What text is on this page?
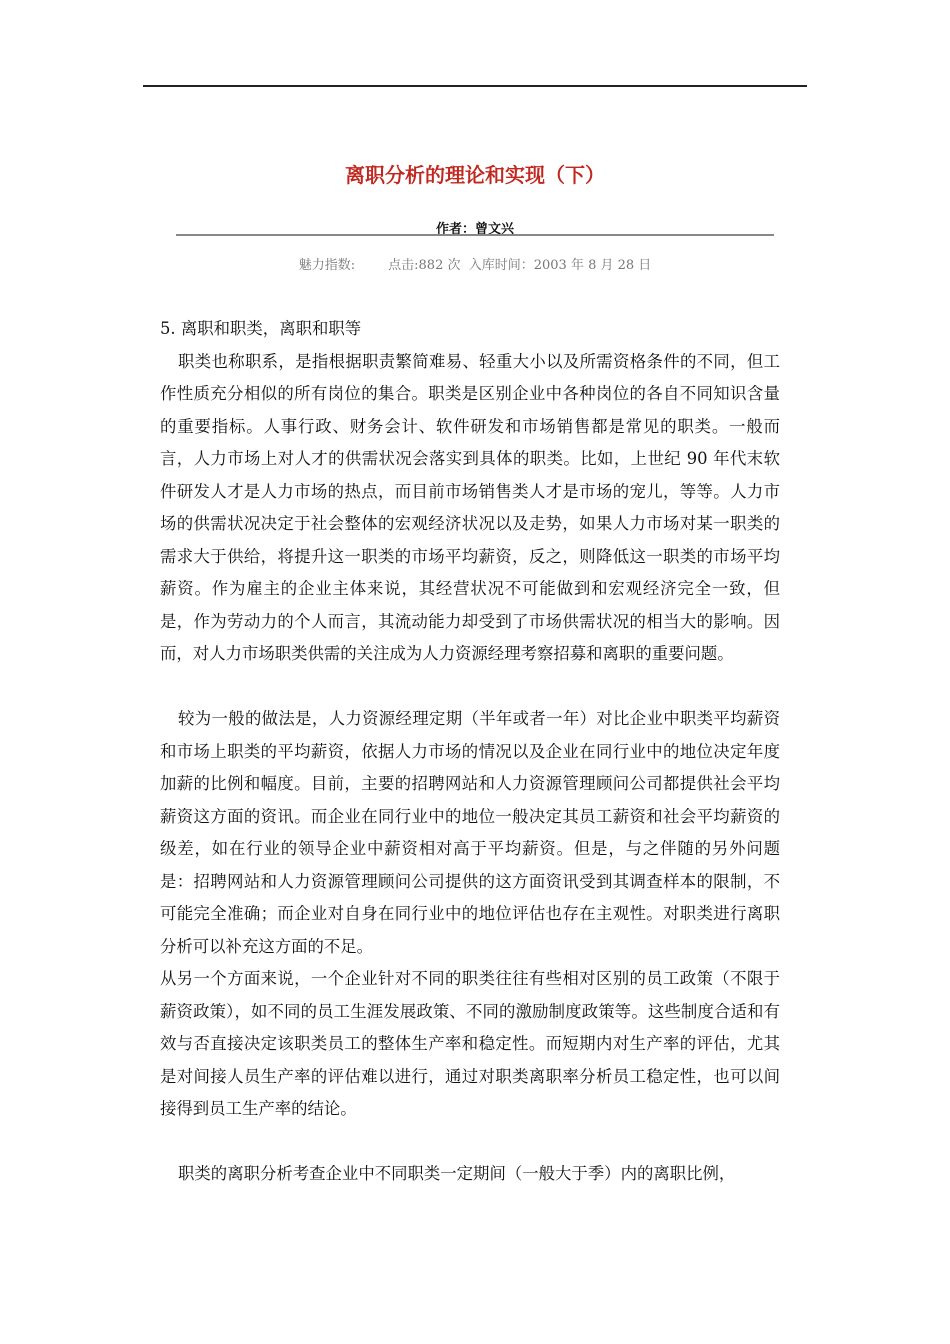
离职分析的理论和实现（下）
作者：曾文兴
魅力指数:        点击:882 次  入库时间：2003 年 8 月 28 日

5. 离职和职类，离职和职等

职类也称职系，是指根据职责繁简难易、轻重大小以及所需资格条件的不同，但工作性质充分相似的所有岗位的集合。职类是区别企业中各种岗位的各自不同知识含量的重要指标。人事行政、财务会计、软件研发和市场销售都是常见的职类。一般而言，人力市场上对人才的供需状况会落实到具体的职类。比如，上世纪 90 年代末软件研发人才是人力市场的热点，而目前市场销售类人才是市场的宠儿，等等。人力市场的供需状况决定于社会整体的宏观经济状况以及走势，如果人力市场对某一职类的需求大于供给，将提升这一职类的市场平均薪资，反之，则降低这一职类的市场平均薪资。作为雇主的企业主体来说，其经营状况不可能做到和宏观经济完全一致，但是，作为劳动力的个人而言，其流动能力却受到了市场供需状况的相当大的影响。因而，对人力市场职类供需的关注成为人力资源经理考察招募和离职的重要问题。

较为一般的做法是，人力资源经理定期（半年或者一年）对比企业中职类平均薪资和市场上职类的平均薪资，依据人力市场的情况以及企业在同行业中的地位决定年度加薪的比例和幅度。目前，主要的招聘网站和人力资源管理顾问公司都提供社会平均薪资这方面的资讯。而企业在同行业中的地位一般决定其员工薪资和社会平均薪资的级差，如在行业的领导企业中薪资相对高于平均薪资。但是，与之伴随的另外问题是：招聘网站和人力资源管理顾问公司提供的这方面资讯受到其调查样本的限制，不可能完全准确；而企业对自身在同行业中的地位评估也存在主观性。对职类进行离职分析可以补充这方面的不足。

从另一个方面来说，一个企业针对不同的职类往往有些相对区别的员工政策（不限于薪资政策），如不同的员工生涯发展政策、不同的激励制度政策等。这些制度合适和有效与否直接决定该职类员工的整体生产率和稳定性。而短期内对生产率的评估，尤其是对间接人员生产率的评估难以进行，通过对职类离职率分析员工稳定性，也可以间接得到员工生产率的结论。

职类的离职分析考查企业中不同职类一定期间（一般大于季）内的离职比例，
